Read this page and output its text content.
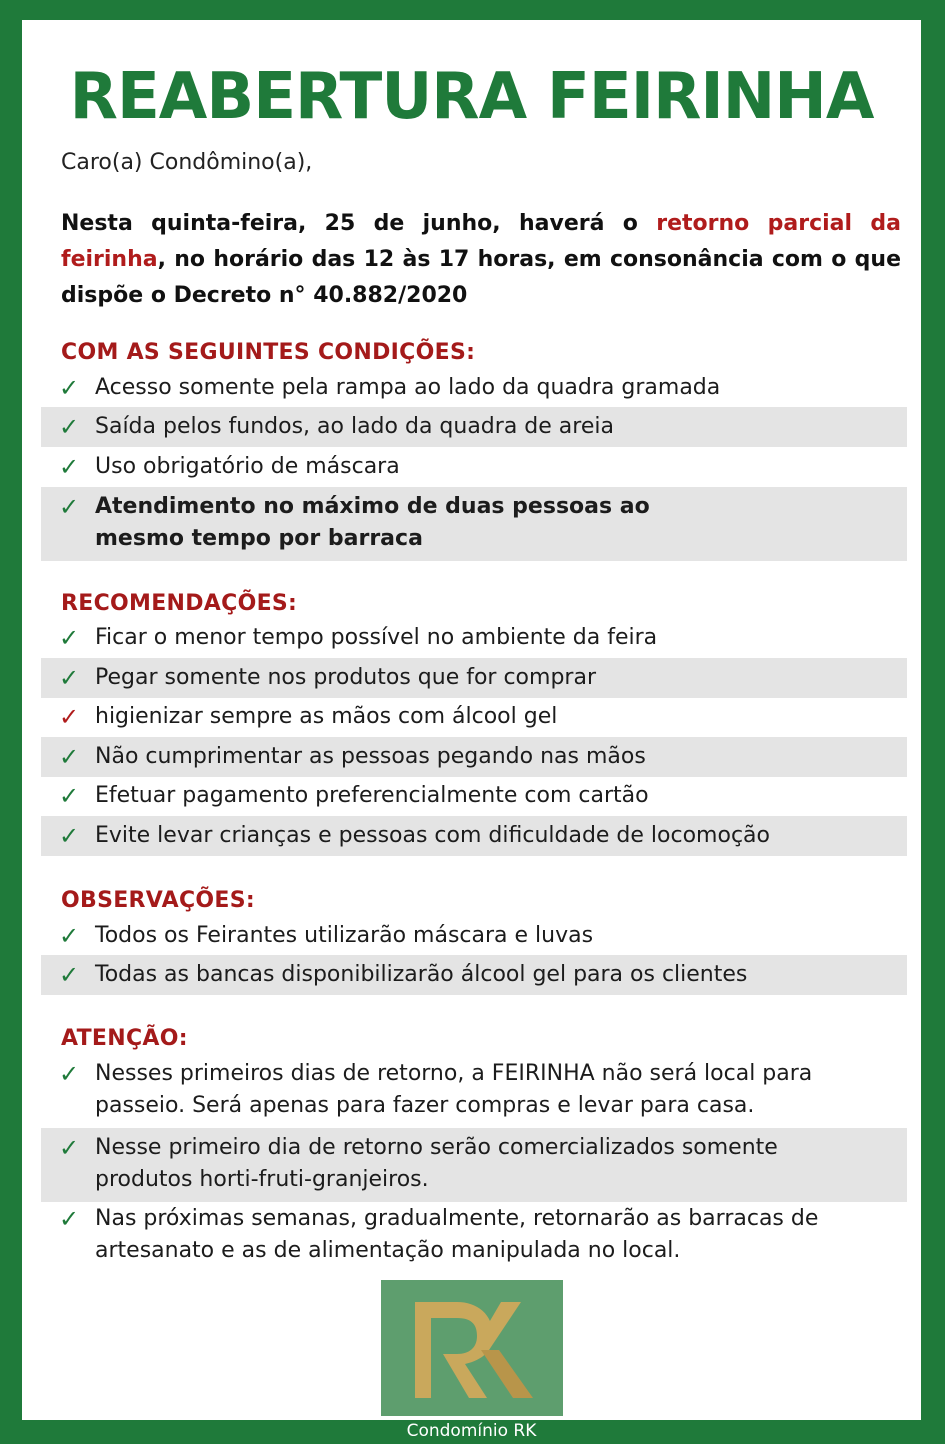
REABERTURA FEIRINHA

Caro(a) Condômino(a),

Nesta quinta-feira, 25 de junho, haverá o retorno parcial da feirinha, no horário das 12 às 17 horas, em consonância com o que dispõe o Decreto n° 40.882/2020

COM AS SEGUINTES CONDIÇÕES:

✓ Acesso somente pela rampa ao lado da quadra gramada
✓ Saída pelos fundos, ao lado da quadra de areia
✓ Uso obrigatório de máscara
✓ Atendimento no máximo de duas pessoas ao mesmo tempo por barraca

RECOMENDAÇÕES:

✓ Ficar o menor tempo possível no ambiente da feira
✓ Pegar somente nos produtos que for comprar
✓ higienizar sempre as mãos com álcool gel
✓ Não cumprimentar as pessoas pegando nas mãos
✓ Efetuar pagamento preferencialmente com cartão
✓ Evite levar crianças e pessoas com dificuldade de locomoção

OBSERVAÇÕES:

✓ Todos os Feirantes utilizarão máscara e luvas
✓ Todas as bancas disponibilizarão álcool gel para os clientes

ATENÇÃO:

✓ Nesses primeiros dias de retorno, a FEIRINHA não será local para passeio. Será apenas para fazer compras e levar para casa.
✓ Nesse primeiro dia de retorno serão comercializados somente produtos horti-fruti-granjeiros.
✓ Nas próximas semanas, gradualmente, retornarão as barracas de artesanato e as de alimentação manipulada no local.
Condomínio RK
